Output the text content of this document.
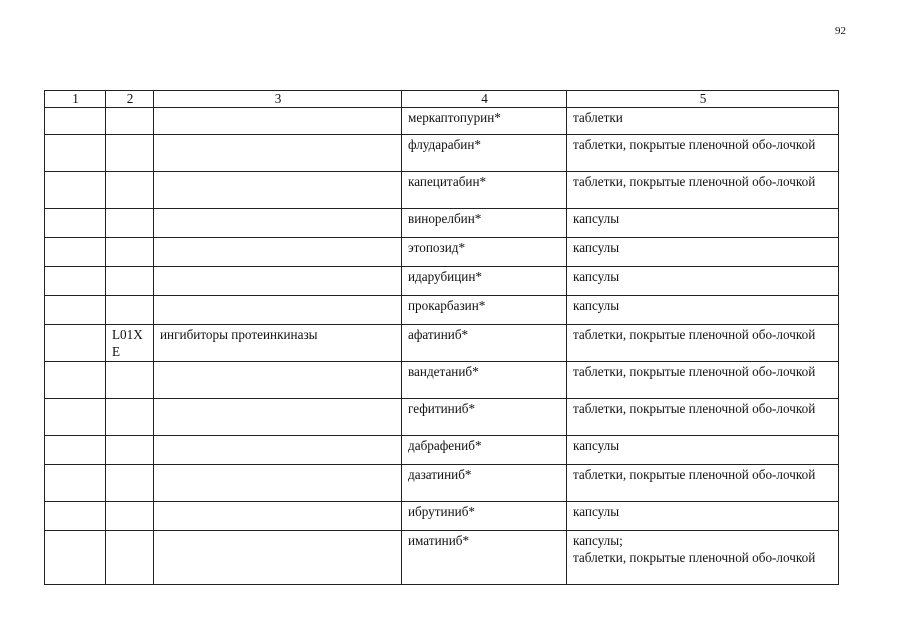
92
1	2	3	4	5

			меркаптопурин*	таблетки

			флударабин*	таблетки, покрытые пленочной обо-лочкой

			капецитабин*	таблетки, покрытые пленочной обо-лочкой

			винорелбин*	капсулы

			этопозид*	капсулы

			идарубицин*	капсулы

			прокарбазин*	капсулы

	L01XE	ингибиторы протеинкиназы	афатиниб*	таблетки, покрытые пленочной обо-лочкой

			вандетаниб*	таблетки, покрытые пленочной обо-лочкой

			гефитиниб*	таблетки, покрытые пленочной обо-лочкой

			дабрафениб*	капсулы

			дазатиниб*	таблетки, покрытые пленочной обо-лочкой

			ибрутиниб*	капсулы

			иматиниб*	капсулы;
таблетки, покрытые пленочной обо-лочкой
